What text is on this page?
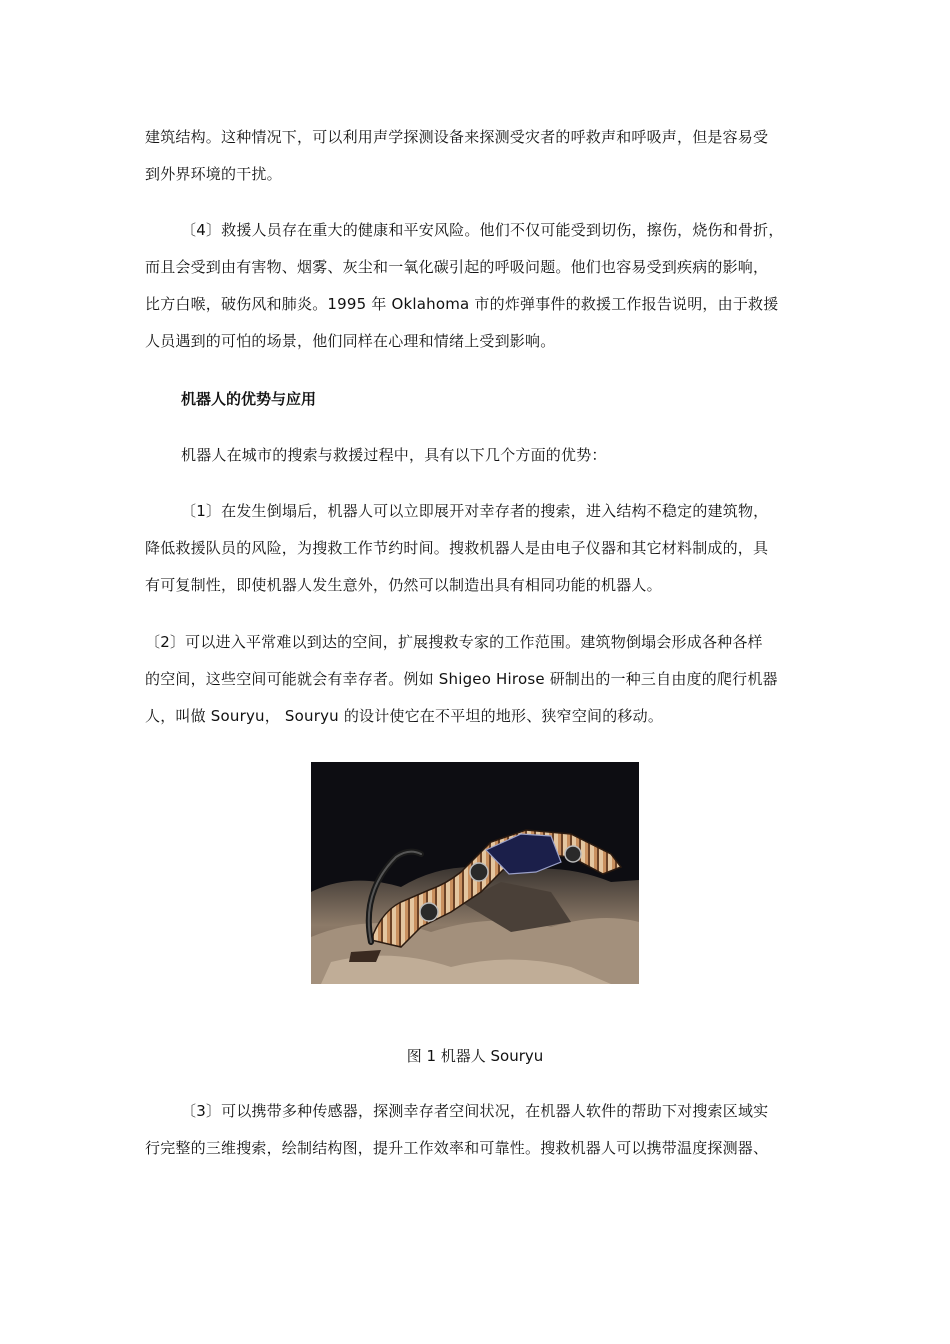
建筑结构。这种情况下，可以利用声学探测设备来探测受灾者的呼救声和呼吸声，但是容易受
到外界环境的干扰。

〔4〕救援人员存在重大的健康和平安风险。他们不仅可能受到切伤，擦伤，烧伤和骨折，
而且会受到由有害物、烟雾、灰尘和一氧化碳引起的呼吸问题。他们也容易受到疾病的影响，
比方白喉，破伤风和肺炎。1995 年 Oklahoma 市的炸弹事件的救援工作报告说明，由于救援
人员遇到的可怕的场景，他们同样在心理和情绪上受到影响。

机器人的优势与应用

机器人在城市的搜索与救援过程中，具有以下几个方面的优势：

〔1〕在发生倒塌后，机器人可以立即展开对幸存者的搜索，进入结构不稳定的建筑物，
降低救援队员的风险，为搜救工作节约时间。搜救机器人是由电子仪器和其它材料制成的，具
有可复制性，即使机器人发生意外，仍然可以制造出具有相同功能的机器人。

〔2〕可以进入平常难以到达的空间，扩展搜救专家的工作范围。建筑物倒塌会形成各种各样
的空间，这些空间可能就会有幸存者。例如 Shigeo Hirose 研制出的一种三自由度的爬行机器
人，叫做 Souryu， Souryu 的设计使它在不平坦的地形、狭窄空间的移动。

图 1 机器人 Souryu

〔3〕可以携带多种传感器，探测幸存者空间状况，在机器人软件的帮助下对搜索区域实
行完整的三维搜索，绘制结构图，提升工作效率和可靠性。搜救机器人可以携带温度探测器、
